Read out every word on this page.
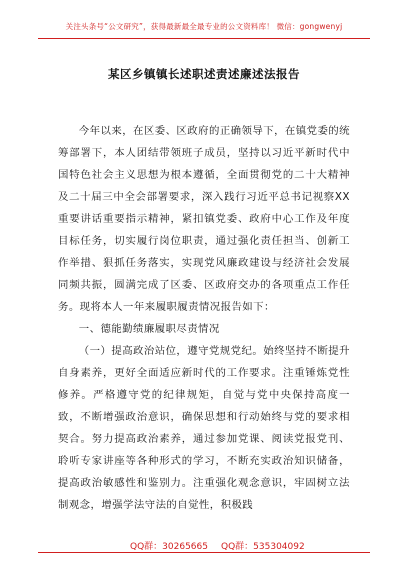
关注头条号“公文研究”，获得最新最全最专业的公文资料库！ 微信：gongwenyj
某区乡镇镇长述职述责述廉述法报告

今年以来，在区委、区政府的正确领导下，在镇党委的统筹部署下，本人团结带领班子成员，坚持以习近平新时代中国特色社会主义思想为根本遵循，全面贯彻党的二十大精神及二十届三中全会部署要求，深入践行习近平总书记视察XX重要讲话重要指示精神，紧扣镇党委、政府中心工作及年度目标任务，切实履行岗位职责，通过强化责任担当、创新工作举措、狠抓任务落实，实现党风廉政建设与经济社会发展同频共振，圆满完成了区委、区政府交办的各项重点工作任务。现将本人一年来履职履责情况报告如下：

一、德能勤绩廉履职尽责情况

（一）提高政治站位，遵守党规党纪。始终坚持不断提升自身素养，更好全面适应新时代的工作要求。注重锤炼党性修养。严格遵守党的纪律规矩，自觉与党中央保持高度一致，不断增强政治意识，确保思想和行动始终与党的要求相契合。努力提高政治素养，通过参加党课、阅读党报党刊、聆听专家讲座等各种形式的学习，不断充实政治知识储备，提高政治敏感性和鉴别力。注重强化观念意识，牢固树立法制观念，增强学法守法的自觉性，积极践

QQ群：30265665 QQ群：535304092
